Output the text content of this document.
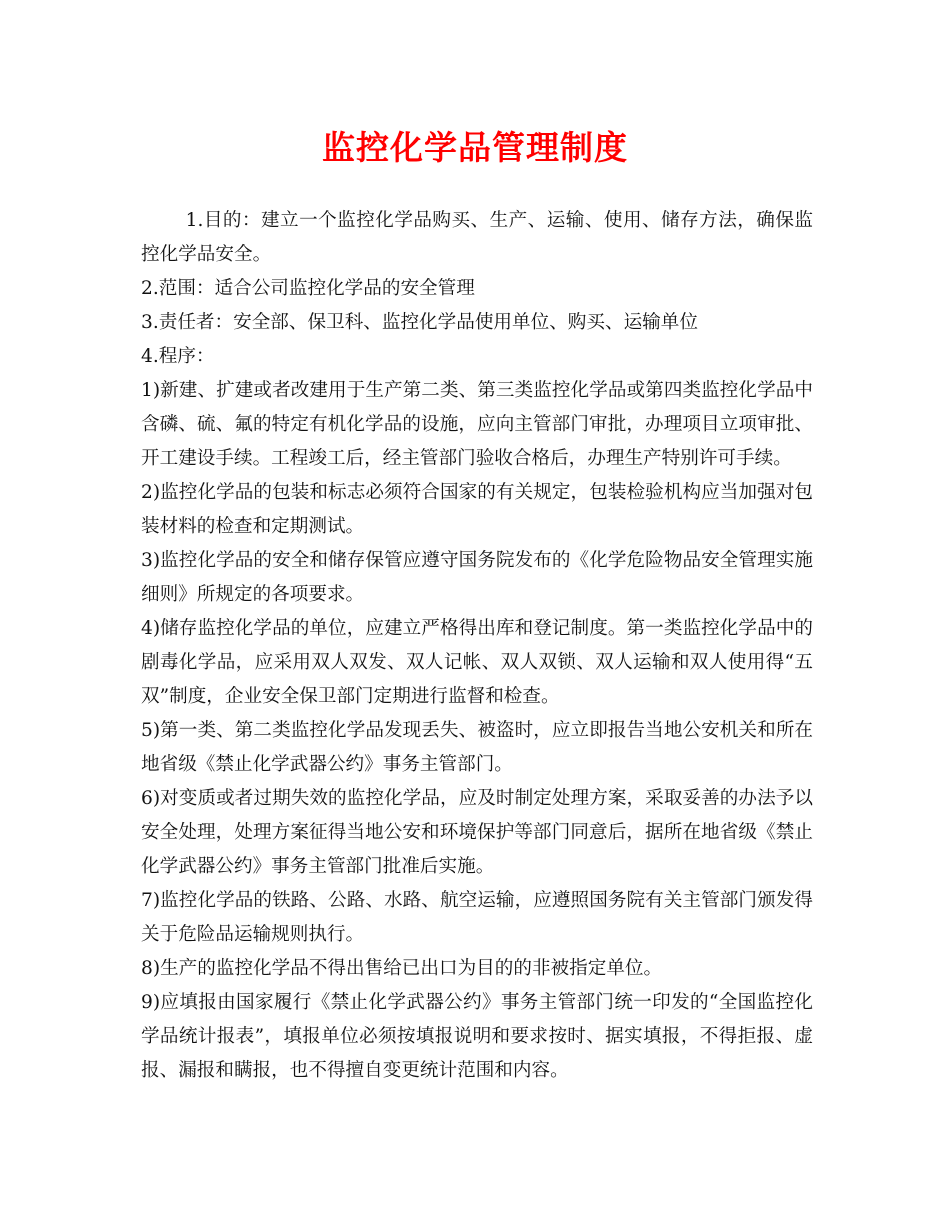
监控化学品管理制度

1.目的：建立一个监控化学品购买、生产、运输、使用、储存方法，确保监控化学品安全。

2.范围：适合公司监控化学品的安全管理

3.责任者：安全部、保卫科、监控化学品使用单位、购买、运输单位

4.程序：

1)新建、扩建或者改建用于生产第二类、第三类监控化学品或第四类监控化学品中含磷、硫、氟的特定有机化学品的设施，应向主管部门审批，办理项目立项审批、开工建设手续。工程竣工后，经主管部门验收合格后，办理生产特别许可手续。

2)监控化学品的包装和标志必须符合国家的有关规定，包装检验机构应当加强对包装材料的检查和定期测试。

3)监控化学品的安全和储存保管应遵守国务院发布的《化学危险物品安全管理实施细则》所规定的各项要求。

4)储存监控化学品的单位，应建立严格得出库和登记制度。第一类监控化学品中的剧毒化学品，应采用双人双发、双人记帐、双人双锁、双人运输和双人使用得“五双”制度，企业安全保卫部门定期进行监督和检查。

5)第一类、第二类监控化学品发现丢失、被盗时，应立即报告当地公安机关和所在地省级《禁止化学武器公约》事务主管部门。

6)对变质或者过期失效的监控化学品，应及时制定处理方案，采取妥善的办法予以安全处理，处理方案征得当地公安和环境保护等部门同意后，据所在地省级《禁止化学武器公约》事务主管部门批准后实施。

7)监控化学品的铁路、公路、水路、航空运输，应遵照国务院有关主管部门颁发得关于危险品运输规则执行。

8)生产的监控化学品不得出售给已出口为目的的非被指定单位。

9)应填报由国家履行《禁止化学武器公约》事务主管部门统一印发的“全国监控化学品统计报表”，填报单位必须按填报说明和要求按时、据实填报，不得拒报、虚报、漏报和瞒报，也不得擅自变更统计范围和内容。
